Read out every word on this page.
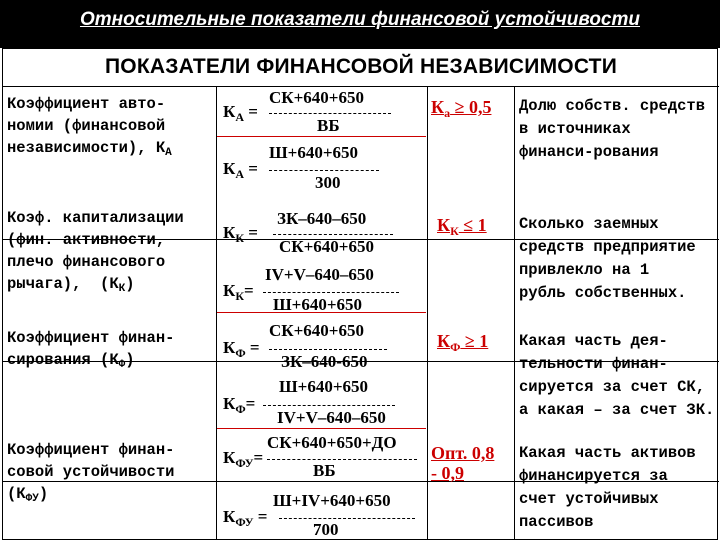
Относительные показатели финансовой устойчивости
ПОКАЗАТЕЛИ ФИНАНСОВОЙ НЕЗАВИСИМОСТИ
Коэффициент авто-
номии (финансовой
независимости), $К_А$
СК+640+650
$К_А$ =
ВБ
Ш+640+650
$К_А$ =
300
$К_a \ge 0,5$ Долю собств. средств
в источниках
финанси-рования
Коэф. капитализации
(фин. активности,
плечо финансового
рычага),  $(К_К)$
ЗК–640–650
$К_К$ =
СК+640+650
IV+V–640–650
$К_К=$
Ш+640+650
$К_К \le 1$ Сколько заемных
средств предприятие
привлекло на 1
рубль собственных.
Коэффициент финан-
сирования $(К_Ф)$
СК+640+650
$К_Ф$ =
ЗК–640-650
Ш+640+650
$К_Ф=$
IV+V–640–650
$К_Ф \ge 1$ Какая часть дея-
тельности финан-
сируется за счет СК,
а какая – за счет ЗК.
Коэффициент финан-
совой устойчивости
$(К_{ФУ})$
СК+640+650+ДО
$К_{ФУ}=$
ВБ
Ш+IV+640+650
$К_{ФУ}$ =
700
Опт. 0,8
- 0,9
Какая часть активов
финансируется за
счет устойчивых
пассивов
